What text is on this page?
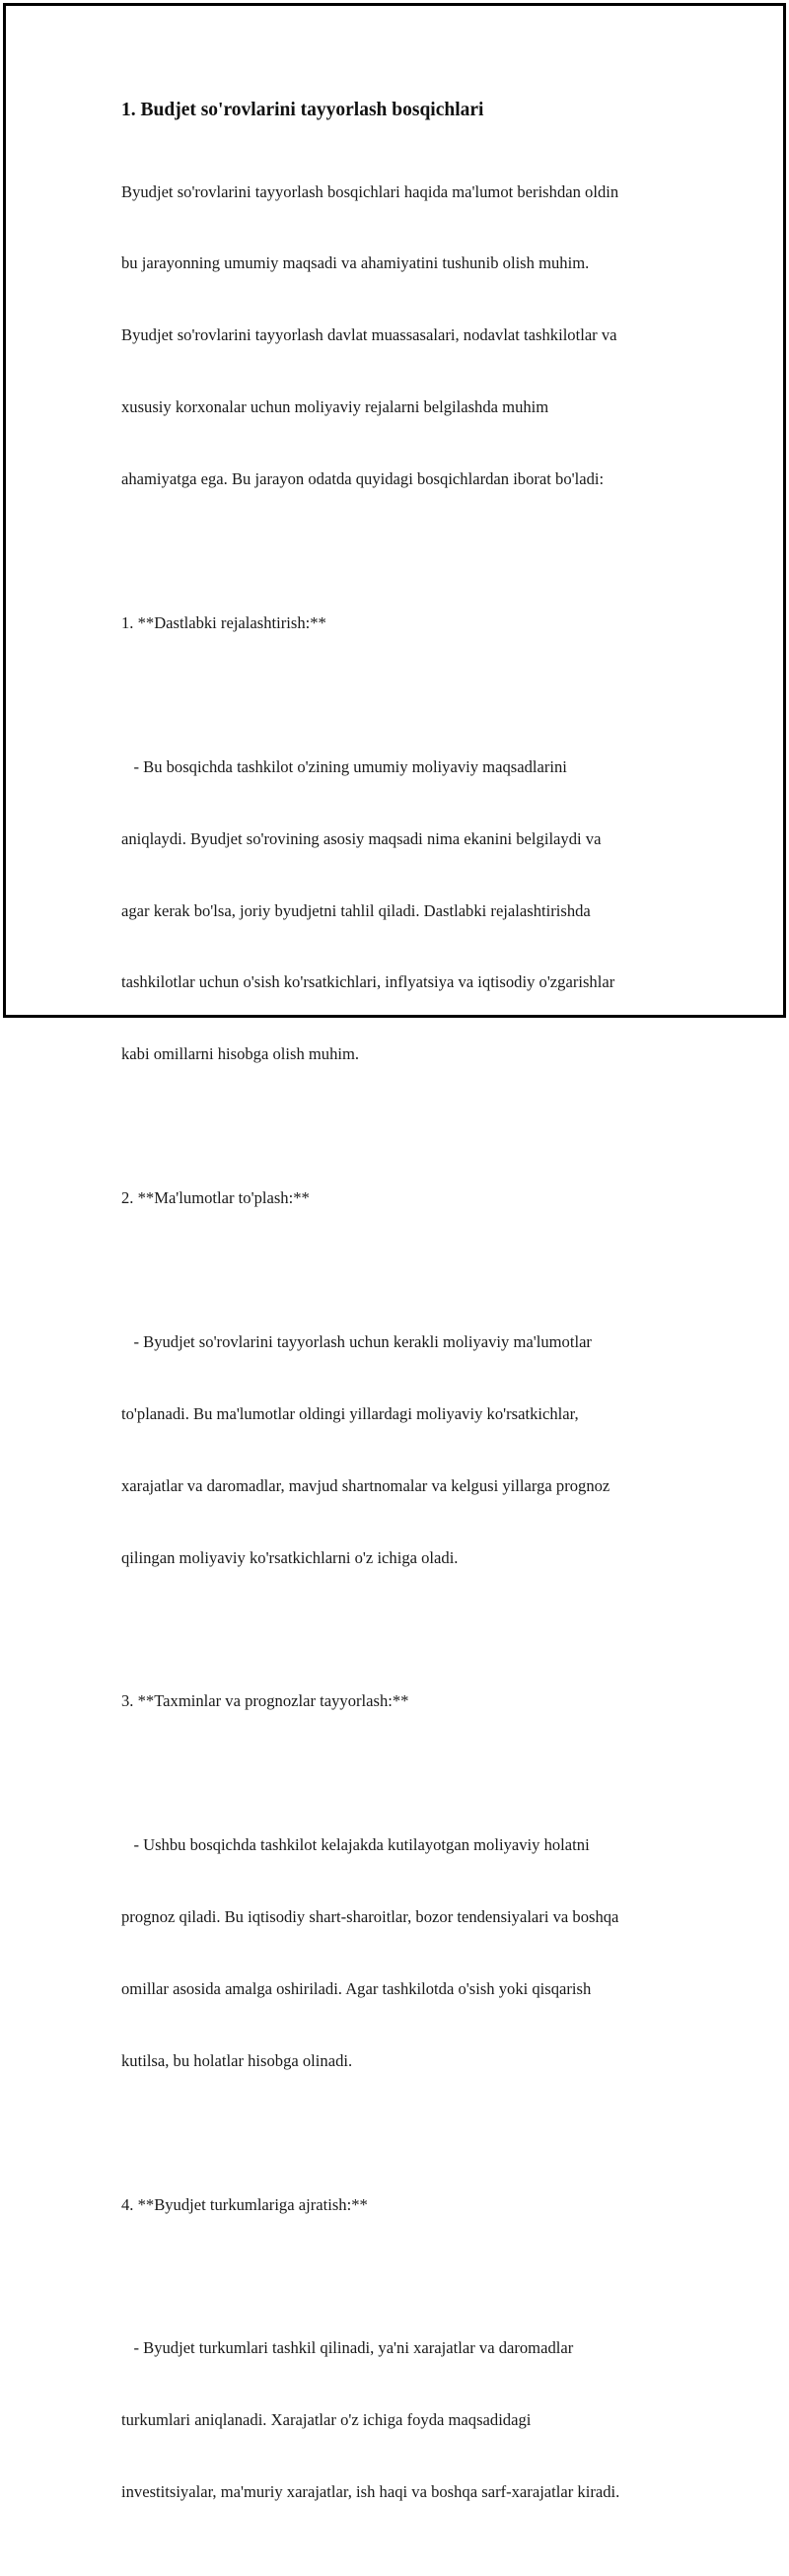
1. Budjet so'rovlarini tayyorlash bosqichlari

Byudjet so'rovlarini tayyorlash bosqichlari haqida ma'lumot berishdan oldin

bu jarayonning umumiy maqsadi va ahamiyatini tushunib olish muhim.

Byudjet so'rovlarini tayyorlash davlat muassasalari, nodavlat tashkilotlar va

xususiy korxonalar uchun moliyaviy rejalarni belgilashda muhim

ahamiyatga ega. Bu jarayon odatda quyidagi bosqichlardan iborat bo'ladi:

1. **Dastlabki rejalashtirish:**

- Bu bosqichda tashkilot o'zining umumiy moliyaviy maqsadlarini

aniqlaydi. Byudjet so'rovining asosiy maqsadi nima ekanini belgilaydi va

agar kerak bo'lsa, joriy byudjetni tahlil qiladi. Dastlabki rejalashtirishda

tashkilotlar uchun o'sish ko'rsatkichlari, inflyatsiya va iqtisodiy o'zgarishlar

kabi omillarni hisobga olish muhim.

2. **Ma'lumotlar to'plash:**

- Byudjet so'rovlarini tayyorlash uchun kerakli moliyaviy ma'lumotlar

to'planadi. Bu ma'lumotlar oldingi yillardagi moliyaviy ko'rsatkichlar,

xarajatlar va daromadlar, mavjud shartnomalar va kelgusi yillarga prognoz

qilingan moliyaviy ko'rsatkichlarni o'z ichiga oladi.

3. **Taxminlar va prognozlar tayyorlash:**

- Ushbu bosqichda tashkilot kelajakda kutilayotgan moliyaviy holatni

prognoz qiladi. Bu iqtisodiy shart-sharoitlar, bozor tendensiyalari va boshqa

omillar asosida amalga oshiriladi. Agar tashkilotda o'sish yoki qisqarish

kutilsa, bu holatlar hisobga olinadi.

4. **Byudjet turkumlariga ajratish:**

- Byudjet turkumlari tashkil qilinadi, ya'ni xarajatlar va daromadlar

turkumlari aniqlanadi. Xarajatlar o'z ichiga foyda maqsadidagi

investitsiyalar, ma'muriy xarajatlar, ish haqi va boshqa sarf-xarajatlar kiradi.
